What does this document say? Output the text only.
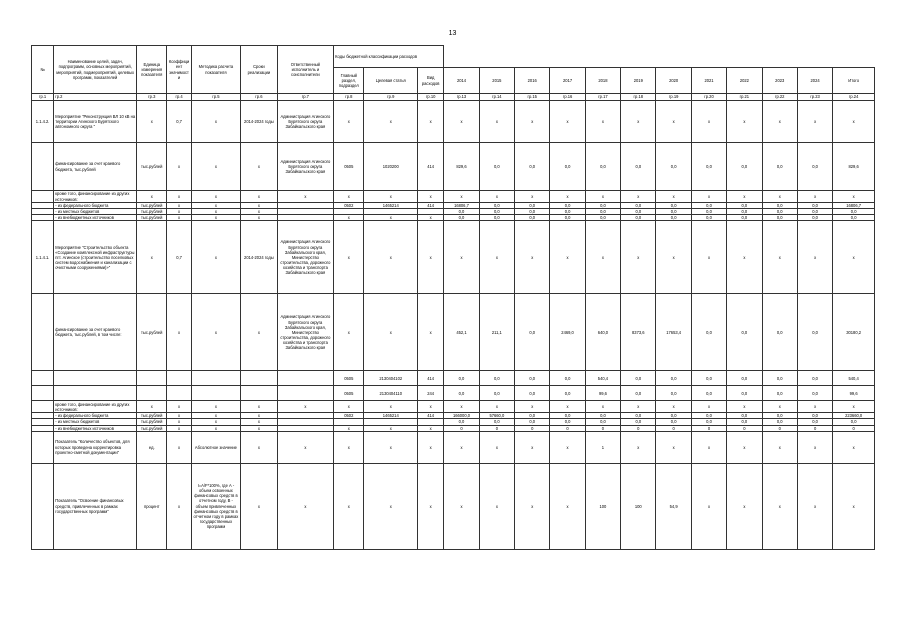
13
№	Наименование целей, задач, подпрограмм, основных мероприятий, мероприятий, подмероприятий, целевых программ, показателей	Единица измерения показателя	Коэффициент значимости	Методика расчета показателя	Сроки реализации	Ответственный исполнитель и соисполнители	Коды бюджетной классификации расходов														
							Главный раздел, подраздел	Целевая статья	Вид расходов	2014	2015	2016	2017	2018	2019	2020	2021	2022	2023	2024	Итого
гр.1	гр.2	гр.3	гр.4	гр.5	гр.6	гр.7	гр.8	гр.9	гр.10	гр.13	гр.14	гр.15	гр.16	гр.17	гр.18	гр.19	гр.20	гр.21	гр.22	гр.23	гр.24
1.1.4.2.	Мероприятие "Реконструкция ВЛ 10 кВ на территории Агинского Бурятского автономного округа "	х	0,7	х	2014-2024 годы	Администрация Агинского Бурятского округа Забайкальского края	х	х	х	х	х	х	х	х	х	х	х	х	х	х	х
	финансирование за счет краевого бюджета, тыс.рублей	тыс.рублей	х	х	х	Администрация Агинского Бурятского округа Забайкальского края	0505	1020200	414	829,6	0,0	0,0	0,0	0,0	0,0	0,0	0,0	0,0	0,0	0,0	829,6
	кроме того, финансирование из других источников:	х	х	х	х	х	х	х	х	х	х	х	х	х	х	х	х	х	х	х	х
	- из федерального бюджета	тыс.рублей	х	х	х		0502	1465214	414	16806,7	0,0	0,0	0,0	0,0	0,0	0,0	0,0	0,0	0,0	0,0	16806,7
	- из местных бюджетов	тыс.рублей	х	х	х					0,0	0,0	0,0	0,0	0,0	0,0	0,0	0,0	0,0	0,0	0,0	0,0
	- из внебюджетных источников	тыс.рублей	х	х	х		х	х	х	0,0	0,0	0,0	0,0	0,0	0,0	0,0	0,0	0,0	0,0	0,0	0,0
1.1.4.1.	Мероприятие "Строительство объекта «Создание комплексной инфраструктуры пгт. Агинское (строительство поселковых систем водоснабжения и канализации с очистными сооружениями)»"	х	0,7	х	2014-2024 годы	Администрация Агинского Бурятского округа Забайкальского края, Министерство строительства, дорожного хозяйства и транспорта Забайкальского края	х	х	х	х	х	х	х	х	х	х	х	х	х	х	х
	финансирование за счет краевого бюджета, тыс.рублей, в том числе:	тыс.рублей	х	х	х	Администрация Агинского Бурятского округа Забайкальского края, Министерство строительства, дорожного хозяйства и транспорта Забайкальского края	х	х	х	452,1	211,1	0,0	2469,0	640,0	8373,6	17653,4	0,0	0,0	0,0	0,0	30180,2
							0505	2130404102	414	0,0	0,0	0,0	0,0	540,4	0,0	0,0	0,0	0,0	0,0	0,0	540,4
							0505	2130404110	244	0,0	0,0	0,0	0,0	99,6	0,0	0,0	0,0	0,0	0,0	0,0	99,6
	кроме того, финансирование из других источников:	х	х	х	х	х	х	х	х	х	х	х	х	х	х	х	х	х	х	х	х
	- из федерального бюджета	тыс.рублей	х	х	х		0502	1465214	414	166000,0	57660,0	0,0	0,0	0,0	0,0	0,0	0,0	0,0	0,0	0,0	223660,0
	- из местных бюджетов	тыс.рублей	х	х	х					0,0	0,0	0,0	0,0	0,0	0,0	0,0	0,0	0,0	0,0	0,0	0,0
	- из внебюджетных источников	тыс.рублей	х	х	х		х	х	х	0	0	0	0	0	0	0	0	0	0	0	0
	Показатель "Количество объектов, для которых проведена корректировка проектно-сметной документации"	ед.	х	Абсолютное значение	х	х	х	х	х	х	х	х	х	1	х	х	х	х	х	х	х
	Показатель "Освоение финансовых средств, привлеченных в рамках государственных программ"	процент	х	I=A/F*100%, где А - объем освоенных финансовых средств в отчетном году, В - объем привлеченных финансовых средств в отчетном году в рамках государственных программ	х	х	х	х	х	х	х	х	х	100	100	54,9	х	х	х	х	х
